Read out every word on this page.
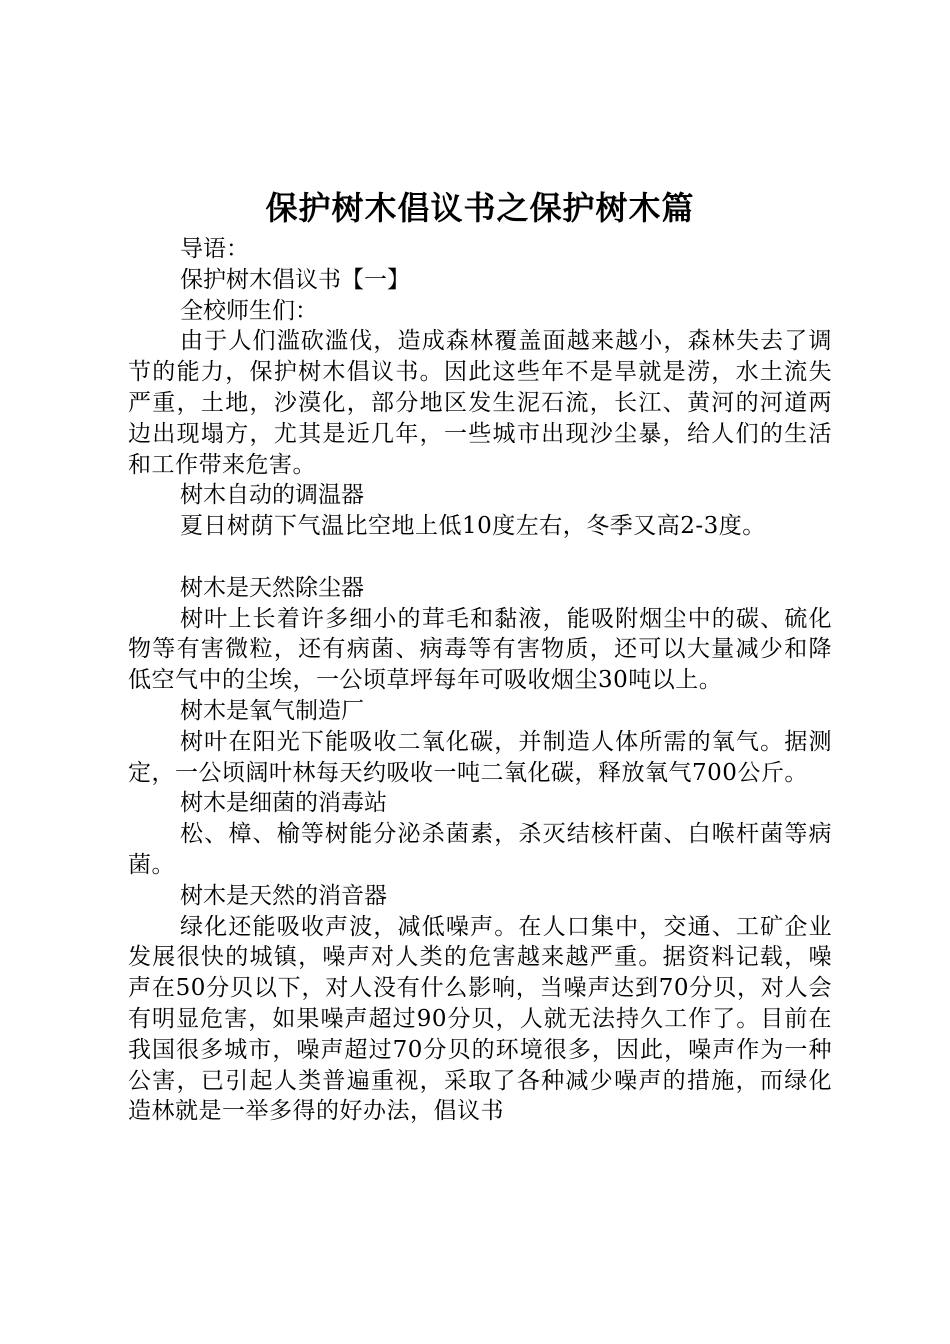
保护树木倡议书之保护树木篇

导语：

保护树木倡议书【一】

全校师生们：

由于人们滥砍滥伐，造成森林覆盖面越来越小，森林失去了调节的能力，保护树木倡议书。因此这些年不是旱就是涝，水土流失严重，土地，沙漠化，部分地区发生泥石流，长江、黄河的河道两边出现塌方，尤其是近几年，一些城市出现沙尘暴，给人们的生活和工作带来危害。

树木自动的调温器

夏日树荫下气温比空地上低10度左右，冬季又高2-3度。

树木是天然除尘器

树叶上长着许多细小的茸毛和黏液，能吸附烟尘中的碳、硫化物等有害微粒，还有病菌、病毒等有害物质，还可以大量减少和降低空气中的尘埃，一公顷草坪每年可吸收烟尘30吨以上。

树木是氧气制造厂

树叶在阳光下能吸收二氧化碳，并制造人体所需的氧气。据测定，一公顷阔叶林每天约吸收一吨二氧化碳，释放氧气700公斤。

树木是细菌的消毒站

松、樟、榆等树能分泌杀菌素，杀灭结核杆菌、白喉杆菌等病菌。

树木是天然的消音器

绿化还能吸收声波，减低噪声。在人口集中，交通、工矿企业发展很快的城镇，噪声对人类的危害越来越严重。据资料记载，噪声在50分贝以下，对人没有什么影响，当噪声达到70分贝，对人会有明显危害，如果噪声超过90分贝，人就无法持久工作了。目前在我国很多城市，噪声超过70分贝的环境很多，因此，噪声作为一种公害，已引起人类普遍重视，采取了各种减少噪声的措施，而绿化造林就是一举多得的好办法，倡议书
